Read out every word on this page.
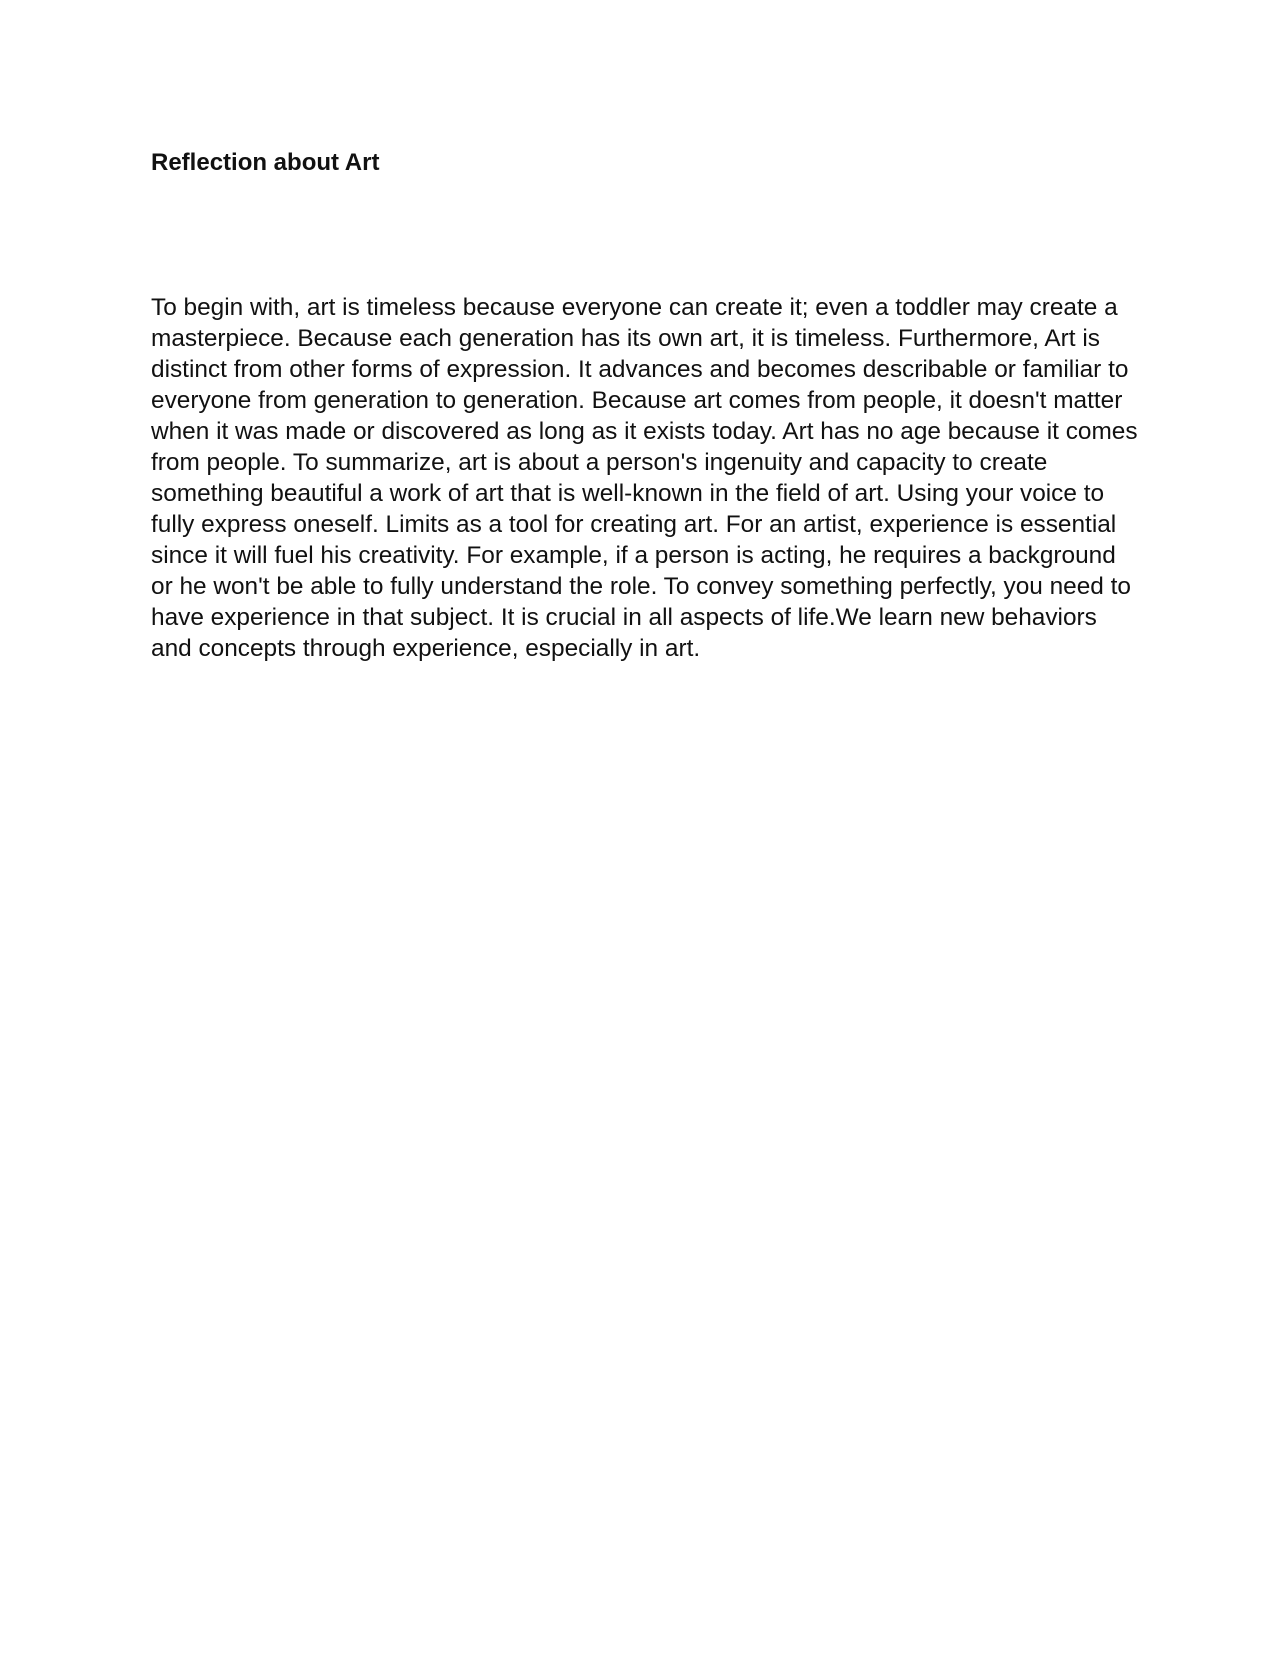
Reflection about Art

To begin with, art is timeless because everyone can create it; even a toddler may create a masterpiece. Because each generation has its own art, it is timeless. Furthermore, Art is distinct from other forms of expression. It advances and becomes describable or familiar to everyone from generation to generation. Because art comes from people, it doesn't matter when it was made or discovered as long as it exists today. Art has no age because it comes from people. To summarize, art is about a person's ingenuity and capacity to create something beautiful a work of art that is well-known in the field of art. Using your voice to fully express oneself. Limits as a tool for creating art. For an artist, experience is essential since it will fuel his creativity. For example, if a person is acting, he requires a background or he won't be able to fully understand the role. To convey something perfectly, you need to have experience in that subject. It is crucial in all aspects of life.We learn new behaviors and concepts through experience, especially in art.
